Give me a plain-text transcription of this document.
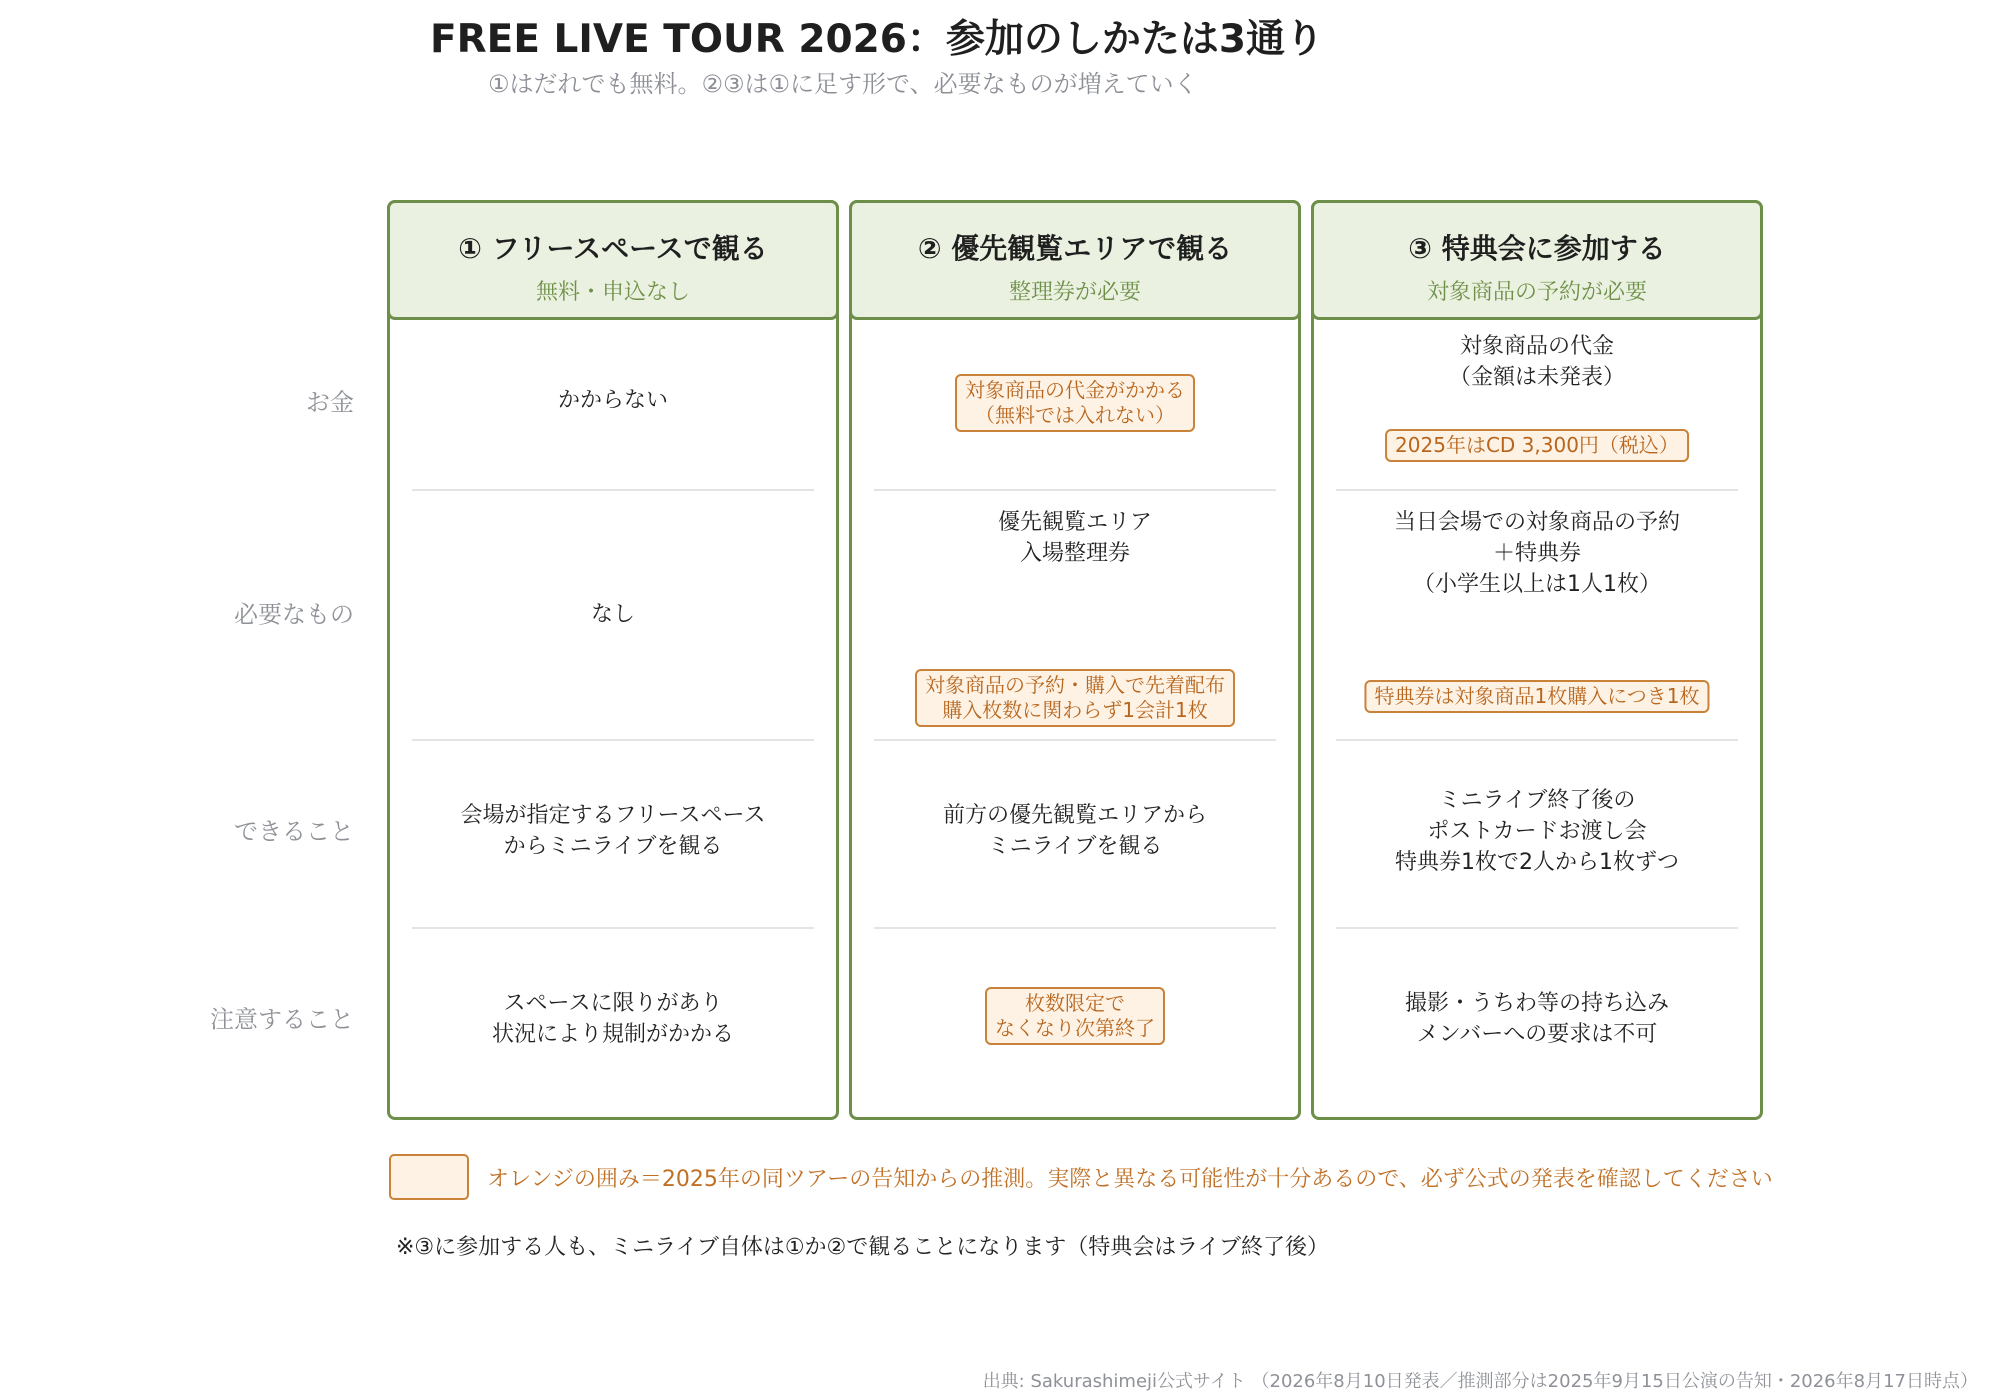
FREE LIVE TOUR 2026：参加のしかたは3通り
①はだれでも無料。②③は①に足す形で、必要なものが増えていく
お金
必要なもの
できること
注意すること
① フリースペースで観る
無料・申込なし
かからない
なし
会場が指定するフリースペース
からミニライブを観る
スペースに限りがあり
状況により規制がかかる
② 優先観覧エリアで観る
整理券が必要
対象商品の代金がかかる
（無料では入れない）
優先観覧エリア
入場整理券
対象商品の予約・購入で先着配布
購入枚数に関わらず1会計1枚
前方の優先観覧エリアから
ミニライブを観る
枚数限定で
なくなり次第終了
③ 特典会に参加する
対象商品の予約が必要
対象商品の代金
（金額は未発表）
2025年はCD 3,300円（税込）
当日会場での対象商品の予約
＋特典券
（小学生以上は1人1枚）
特典券は対象商品1枚購入につき1枚
ミニライブ終了後の
ポストカードお渡し会
特典券1枚で2人から1枚ずつ
撮影・うちわ等の持ち込み
メンバーへの要求は不可
オレンジの囲み＝2025年の同ツアーの告知からの推測。実際と異なる可能性が十分あるので、必ず公式の発表を確認してください
※③に参加する人も、ミニライブ自体は①か②で観ることになります（特典会はライブ終了後）
出典: Sakurashimeji公式サイト （2026年8月10日発表／推測部分は2025年9月15日公演の告知・2026年8月17日時点）
